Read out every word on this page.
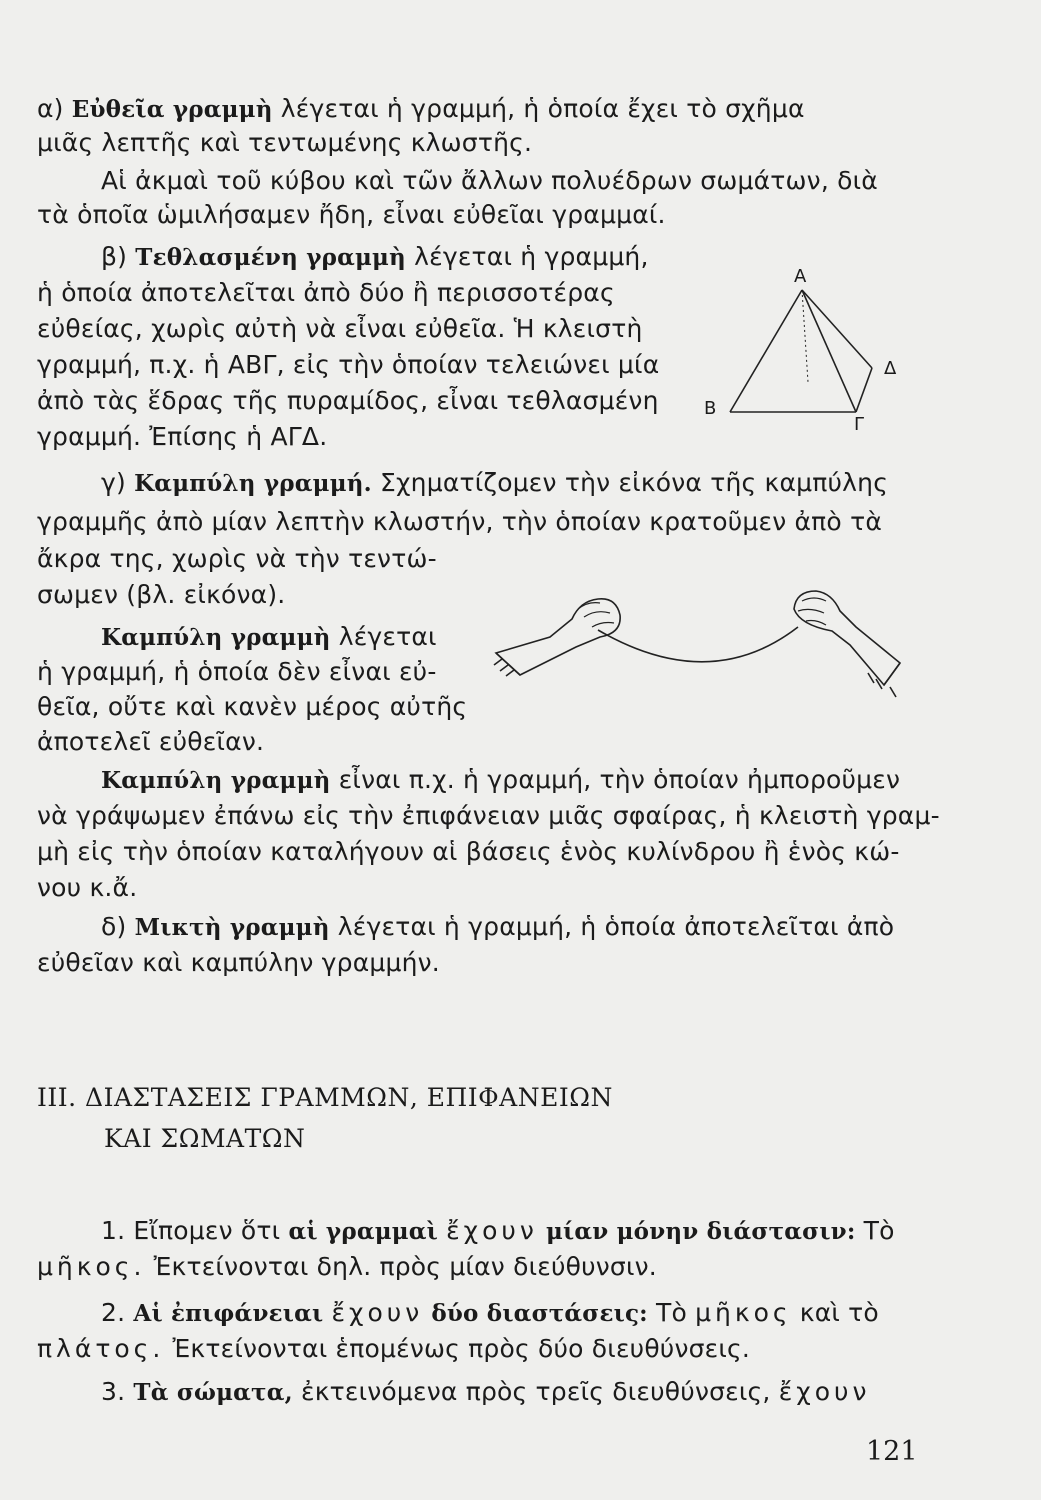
α) Εὐθεῖα γραμμὴ λέγεται ἡ γραμμή, ἡ ὁποία ἔχει τὸ σχῆμα
μιᾶς λεπτῆς καὶ τεντωμένης κλωστῆς.
Αἱ ἀκμαὶ τοῦ κύβου καὶ τῶν ἄλλων πολυέδρων σωμάτων, διὰ
τὰ ὁποῖα ὡμιλήσαμεν ἤδη, εἶναι εὐθεῖαι γραμμαί.
β) Τεθλασμένη γραμμὴ λέγεται ἡ γραμμή,
ἡ ὁποία ἀποτελεῖται ἀπὸ δύο ἢ περισσοτέρας
εὐθείας, χωρὶς αὐτὴ νὰ εἶναι εὐθεῖα. Ἡ κλειστὴ
γραμμή, π.χ. ἡ ΑΒΓ, εἰς τὴν ὁποίαν τελειώνει μία
ἀπὸ τὰς ἕδρας τῆς πυραμίδος, εἶναι τεθλασμένη
γραμμή. Ἐπίσης ἡ ΑΓΔ.
Α
Β
Γ
Δ
γ) Καμπύλη γραμμή. Σχηματίζομεν τὴν εἰκόνα τῆς καμπύλης
γραμμῆς ἀπὸ μίαν λεπτὴν κλωστήν, τὴν ὁποίαν κρατοῦμεν ἀπὸ τὰ
ἄκρα της, χωρὶς νὰ τὴν τεντώ-
σωμεν (βλ. εἰκόνα).
Καμπύλη γραμμὴ λέγεται
ἡ γραμμή, ἡ ὁποία δὲν εἶναι εὐ-
θεῖα, οὔτε καὶ κανὲν μέρος αὐτῆς
ἀποτελεῖ εὐθεῖαν.
Καμπύλη γραμμὴ εἶναι π.χ. ἡ γραμμή, τὴν ὁποίαν ἠμποροῦμεν
νὰ γράψωμεν ἐπάνω εἰς τὴν ἐπιφάνειαν μιᾶς σφαίρας, ἡ κλειστὴ γραμ-
μὴ εἰς τὴν ὁποίαν καταλήγουν αἱ βάσεις ἑνὸς κυλίνδρου ἢ ἑνὸς κώ-
νου κ.ἄ.
δ) Μικτὴ γραμμὴ λέγεται ἡ γραμμή, ἡ ὁποία ἀποτελεῖται ἀπὸ
εὐθεῖαν καὶ καμπύλην γραμμήν.
III. ΔΙΑΣΤΑΣΕΙΣ ΓΡΑΜΜΩΝ, ΕΠΙΦΑΝΕΙΩΝ
ΚΑΙ ΣΩΜΑΤΩΝ
1. Εἴπομεν ὅτι αἱ γραμμαὶ ἔχουν μίαν μόνην διάστασιν: Τὸ
μῆκος. Ἐκτείνονται δηλ. πρὸς μίαν διεύθυνσιν.
2. Αἱ ἐπιφάνειαι ἔχουν δύο διαστάσεις: Τὸ μῆκος καὶ τὸ
πλάτος. Ἐκτείνονται ἑπομένως πρὸς δύο διευθύνσεις.
3. Τὰ σώματα, ἐκτεινόμενα πρὸς τρεῖς διευθύνσεις, ἔχουν
121
